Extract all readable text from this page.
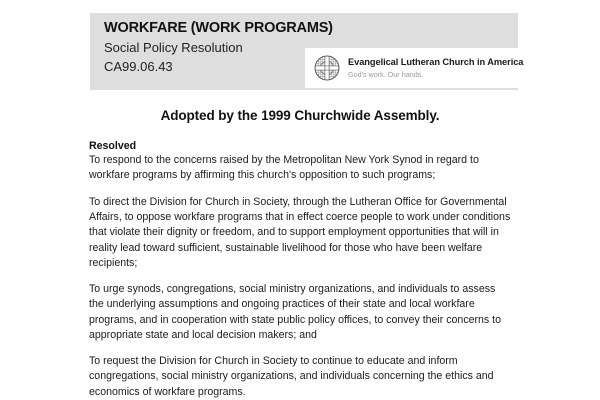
WORKFARE (WORK PROGRAMS)
Social Policy Resolution
CA99.06.43	Evangelical Lutheran Church in America
God's work. Our hands.
Adopted by the 1999 Churchwide Assembly.
Resolved

To respond to the concerns raised by the Metropolitan New York Synod in regard to workfare programs by affirming this church's opposition to such programs;

To direct the Division for Church in Society, through the Lutheran Office for Governmental Affairs, to oppose workfare programs that in effect coerce people to work under conditions that violate their dignity or freedom, and to support employment opportunities that will in reality lead toward sufficient, sustainable livelihood for those who have been welfare recipients;

To urge synods, congregations, social ministry organizations, and individuals to assess the underlying assumptions and ongoing practices of their state and local workfare programs, and in cooperation with state public policy offices, to convey their concerns to appropriate state and local decision makers; and

To request the Division for Church in Society to continue to educate and inform congregations, social ministry organizations, and individuals concerning the ethics and economics of workfare programs.
